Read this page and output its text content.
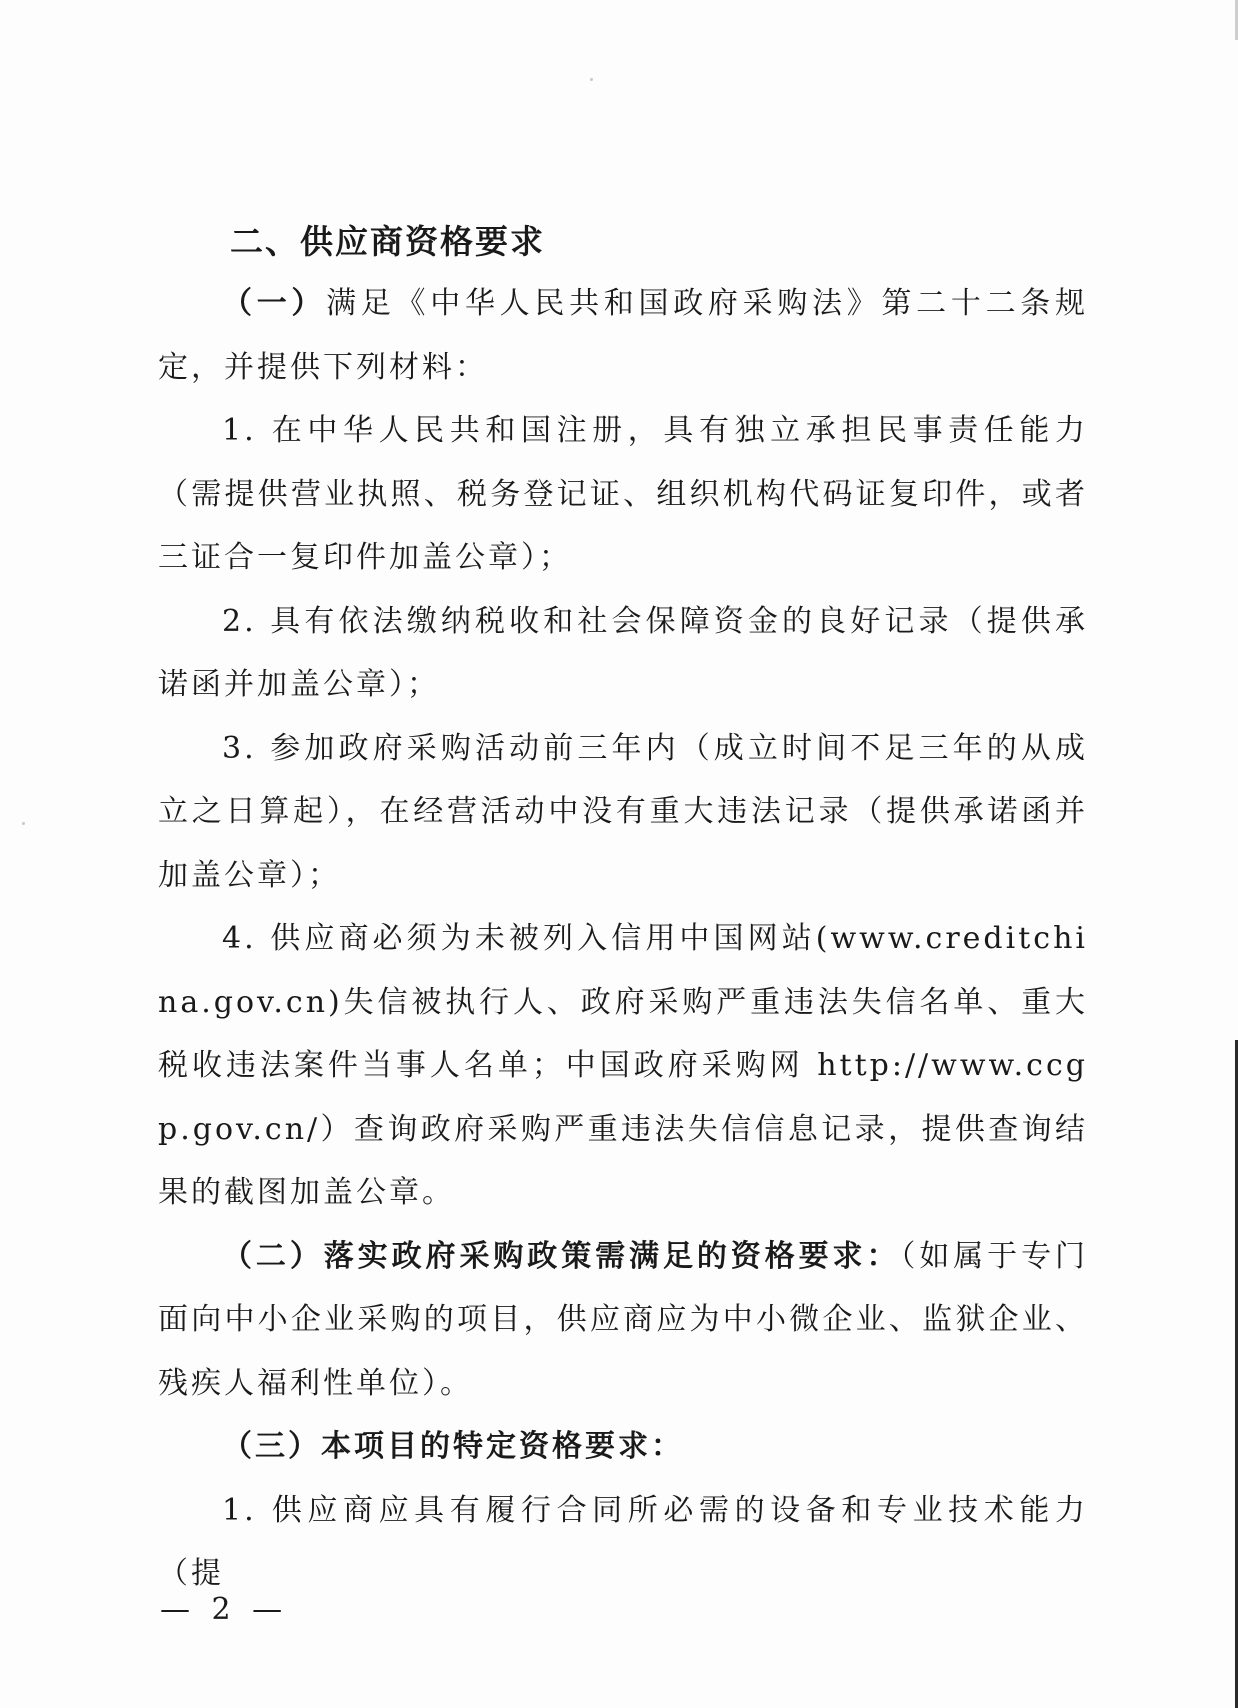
二、供应商资格要求

（一）满足《中华人民共和国政府采购法》第二十二条规定，并提供下列材料：

1. 在中华人民共和国注册，具有独立承担民事责任能力（需提供营业执照、税务登记证、组织机构代码证复印件，或者三证合一复印件加盖公章）；

2. 具有依法缴纳税收和社会保障资金的良好记录（提供承诺函并加盖公章）；

3. 参加政府采购活动前三年内（成立时间不足三年的从成立之日算起），在经营活动中没有重大违法记录（提供承诺函并加盖公章）；

4. 供应商必须为未被列入信用中国网站(www.creditchina.gov.cn)失信被执行人、政府采购严重违法失信名单、重大税收违法案件当事人名单；中国政府采购网 http://www.ccgp.gov.cn/）查询政府采购严重违法失信信息记录，提供查询结果的截图加盖公章。

（二）落实政府采购政策需满足的资格要求：（如属于专门面向中小企业采购的项目，供应商应为中小微企业、监狱企业、残疾人福利性单位）。

（三）本项目的特定资格要求：

1. 供应商应具有履行合同所必需的设备和专业技术能力（提

— 2 —
